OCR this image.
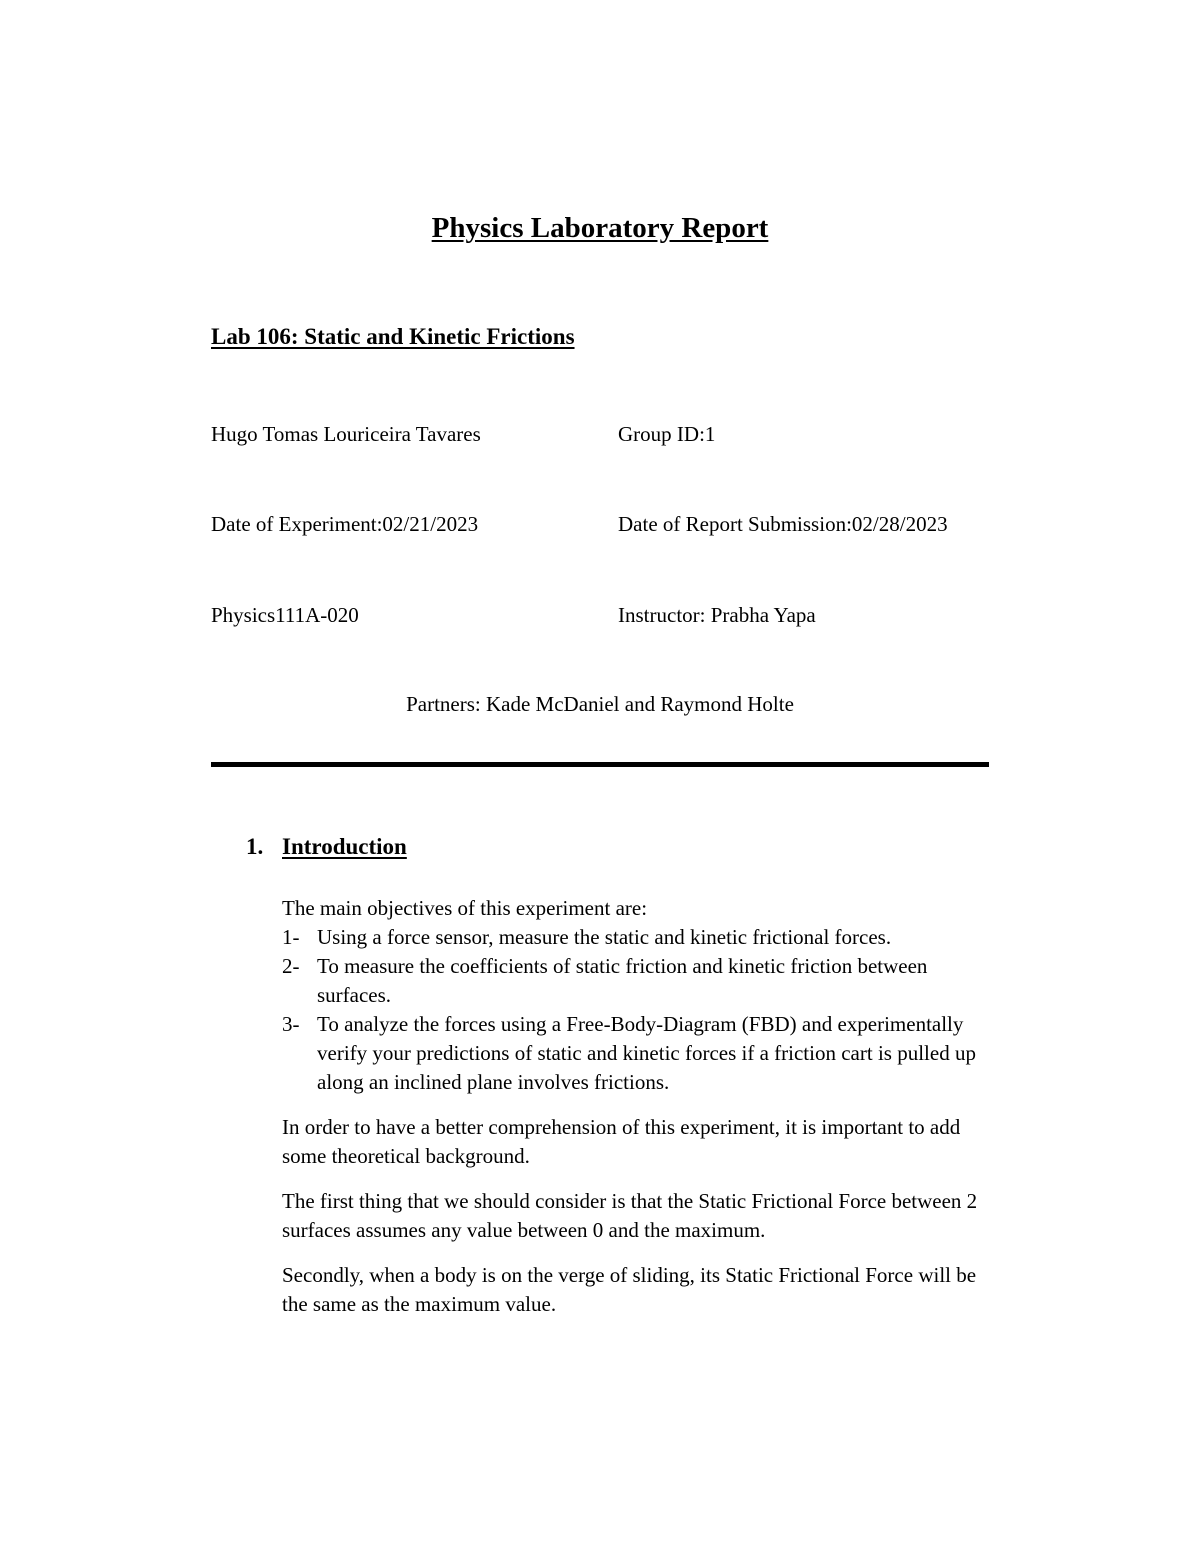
Physics Laboratory Report
Lab 106: Static and Kinetic Frictions
Hugo Tomas Louriceira Tavares	Group ID:1
Date of Experiment:02/21/2023	Date of Report Submission:02/28/2023
Physics111A-020	Instructor: Prabha Yapa
Partners: Kade McDaniel and Raymond Holte
1. Introduction

The main objectives of this experiment are:

1- Using a force sensor, measure the static and kinetic frictional forces.
2- To measure the coefficients of static friction and kinetic friction between surfaces.
3- To analyze the forces using a Free-Body-Diagram (FBD) and experimentally verify your predictions of static and kinetic forces if a friction cart is pulled up along an inclined plane involves frictions.

In order to have a better comprehension of this experiment, it is important to add some theoretical background.

The first thing that we should consider is that the Static Frictional Force between 2 surfaces assumes any value between 0 and the maximum.

Secondly, when a body is on the verge of sliding, its Static Frictional Force will be the same as the maximum value.
